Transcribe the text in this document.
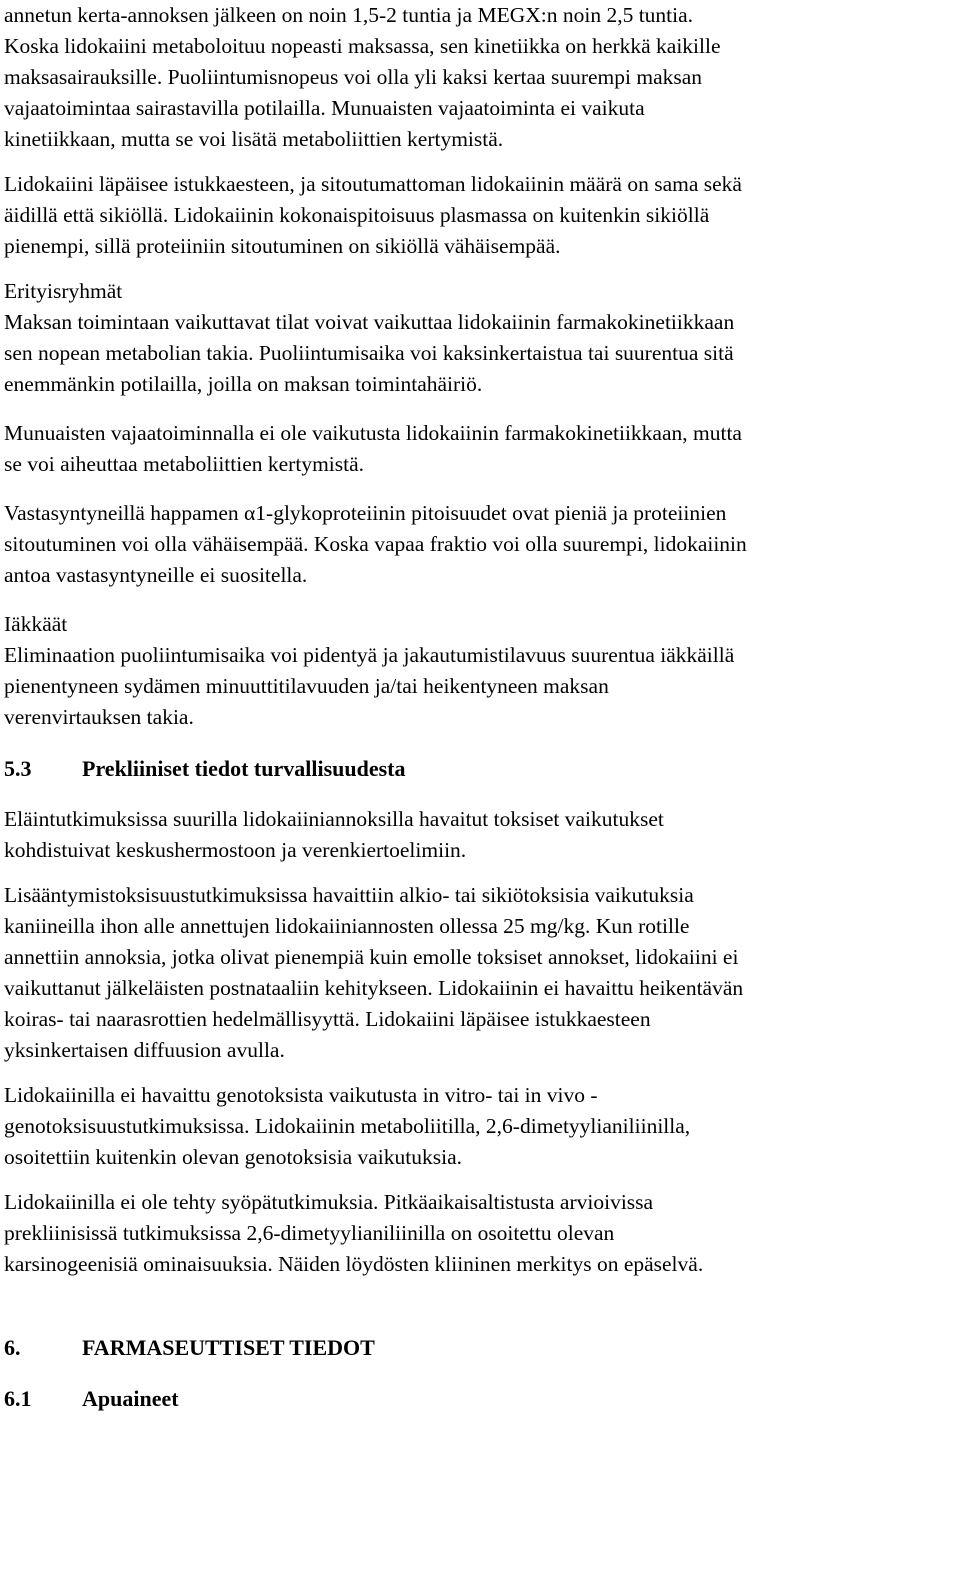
annetun kerta-annoksen jälkeen on noin 1,5-2 tuntia ja MEGX:n noin 2,5 tuntia.
Koska lidokaiini metaboloituu nopeasti maksassa, sen kinetiikka on herkkä kaikille
maksasairauksille. Puoliintumisnopeus voi olla yli kaksi kertaa suurempi maksan
vajaatoimintaa sairastavilla potilailla. Munuaisten vajaatoiminta ei vaikuta
kinetiikkaan, mutta se voi lisätä metaboliittien kertymistä.

Lidokaiini läpäisee istukkaesteen, ja sitoutumattoman lidokaiinin määrä on sama sekä
äidillä että sikiöllä. Lidokaiinin kokonaispitoisuus plasmassa on kuitenkin sikiöllä
pienempi, sillä proteiiniin sitoutuminen on sikiöllä vähäisempää.

Erityisryhmät
Maksan toimintaan vaikuttavat tilat voivat vaikuttaa lidokaiinin farmakokinetiikkaan
sen nopean metabolian takia. Puoliintumisaika voi kaksinkertaistua tai suurentua sitä
enemmänkin potilailla, joilla on maksan toimintahäiriö.

Munuaisten vajaatoiminnalla ei ole vaikutusta lidokaiinin farmakokinetiikkaan, mutta
se voi aiheuttaa metaboliittien kertymistä.

Vastasyntyneillä happamen α1-glykoproteiinin pitoisuudet ovat pieniä ja proteiinien
sitoutuminen voi olla vähäisempää. Koska vapaa fraktio voi olla suurempi, lidokaiinin
antoa vastasyntyneille ei suositella.

Iäkkäät
Eliminaation puoliintumisaika voi pidentyä ja jakautumistilavuus suurentua iäkkäillä
pienentyneen sydämen minuuttitilavuuden ja/tai heikentyneen maksan
verenvirtauksen takia.

5.3 Prekliiniset tiedot turvallisuudesta

Eläintutkimuksissa suurilla lidokaiiniannoksilla havaitut toksiset vaikutukset
kohdistuivat keskushermostoon ja verenkiertoelimiin.

Lisääntymistoksisuustutkimuksissa havaittiin alkio- tai sikiötoksisia vaikutuksia
kaniineilla ihon alle annettujen lidokaiiniannosten ollessa 25 mg/kg. Kun rotille
annettiin annoksia, jotka olivat pienempiä kuin emolle toksiset annokset, lidokaiini ei
vaikuttanut jälkeläisten postnataaliin kehitykseen. Lidokaiinin ei havaittu heikentävän
koiras- tai naarasrottien hedelmällisyyttä. Lidokaiini läpäisee istukkaesteen
yksinkertaisen diffuusion avulla.

Lidokaiinilla ei havaittu genotoksista vaikutusta in vitro- tai in vivo -
genotoksisuustutkimuksissa. Lidokaiinin metaboliitilla, 2,6-dimetyylianiliinilla,
osoitettiin kuitenkin olevan genotoksisia vaikutuksia.

Lidokaiinilla ei ole tehty syöpätutkimuksia. Pitkäaikaisaltistusta arvioivissa
prekliinisissä tutkimuksissa 2,6-dimetyylianiliinilla on osoitettu olevan
karsinogeenisiä ominaisuuksia. Näiden löydösten kliininen merkitys on epäselvä.

6.	FARMASEUTTISET TIEDOT
6.1 Apuaineet
